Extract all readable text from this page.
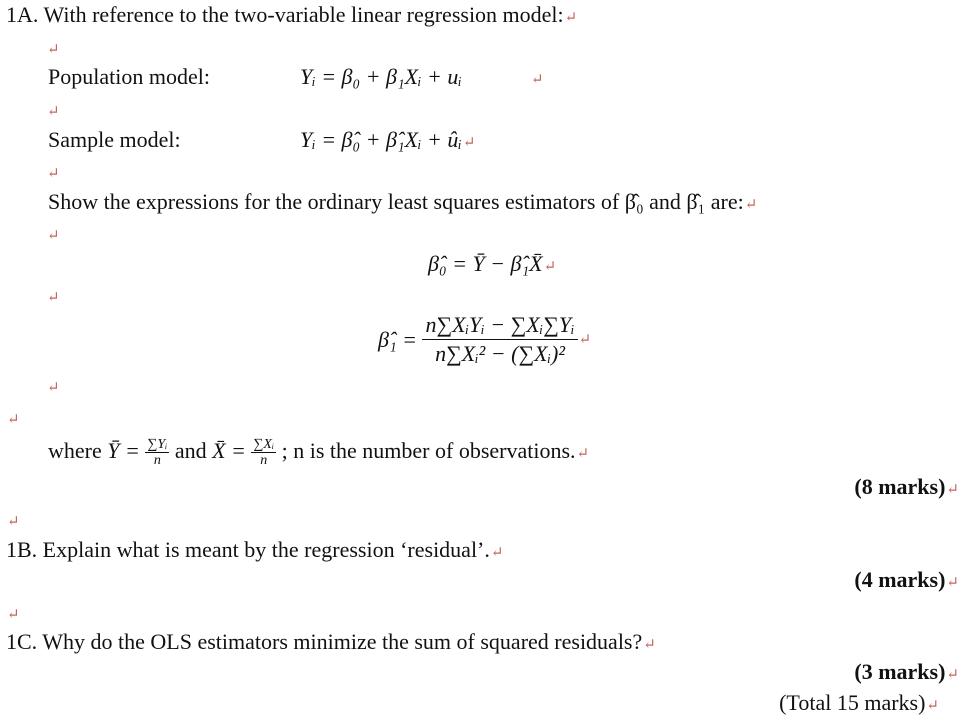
1A. With reference to the two-variable linear regression model:↵
↵
Population model:	Yᵢ = β₀ + β₁Xᵢ + uᵢ	↵
↵
Sample model:	Yᵢ = β̂₀ + β̂₁Xᵢ + ûᵢ↵
↵
Show the expressions for the ordinary least squares estimators of β̂₀ and β̂₁ are:↵
↵
β̂₀ = Ȳ − β̂₁X̄↵
↵
β̂₁ = $\frac{\text{n∑XᵢYᵢ − ∑Xᵢ∑Yᵢ}}{\text{n∑Xᵢ² − (∑Xᵢ)²}}$ ↵
↵
↵
where Ȳ = $\frac{\text{∑Yᵢ}}{n}$ and X̄ = $\frac{\text{∑Xᵢ}}{n}$ ; n is the number of observations.↵
(8 marks)↵
↵
1B. Explain what is meant by the regression ‘residual’.↵
(4 marks)↵
↵
1C. Why do the OLS estimators minimize the sum of squared residuals?↵
(3 marks)↵
(Total 15 marks)↵
